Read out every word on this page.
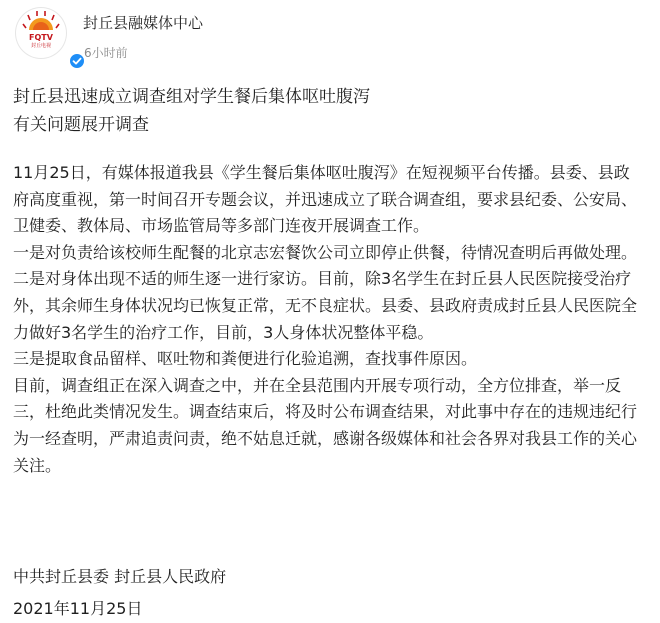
FQTV
封丘电视
封丘县融媒体中心
6小时前
封丘县迅速成立调查组对学生餐后集体呕吐腹泻
有关问题展开调查

11月25日，有媒体报道我县《学生餐后集体呕吐腹泻》在短视频平台传播。县委、县政府高度重视，第一时间召开专题会议，并迅速成立了联合调查组，要求县纪委、公安局、卫健委、教体局、市场监管局等多部门连夜开展调查工作。

一是对负责给该校师生配餐的北京志宏餐饮公司立即停止供餐，待情况查明后再做处理。

二是对身体出现不适的师生逐一进行家访。目前，除3名学生在封丘县人民医院接受治疗外，其余师生身体状况均已恢复正常，无不良症状。县委、县政府责成封丘县人民医院全力做好3名学生的治疗工作，目前，3人身体状况整体平稳。

三是提取食品留样、呕吐物和粪便进行化验追溯，查找事件原因。

目前，调查组正在深入调查之中，并在全县范围内开展专项行动，全方位排查，举一反三，杜绝此类情况发生。调查结束后，将及时公布调查结果，对此事中存在的违规违纪行为一经查明，严肃追责问责，绝不姑息迁就，感谢各级媒体和社会各界对我县工作的关心关注。

中共封丘县委 封丘县人民政府
2021年11月25日
